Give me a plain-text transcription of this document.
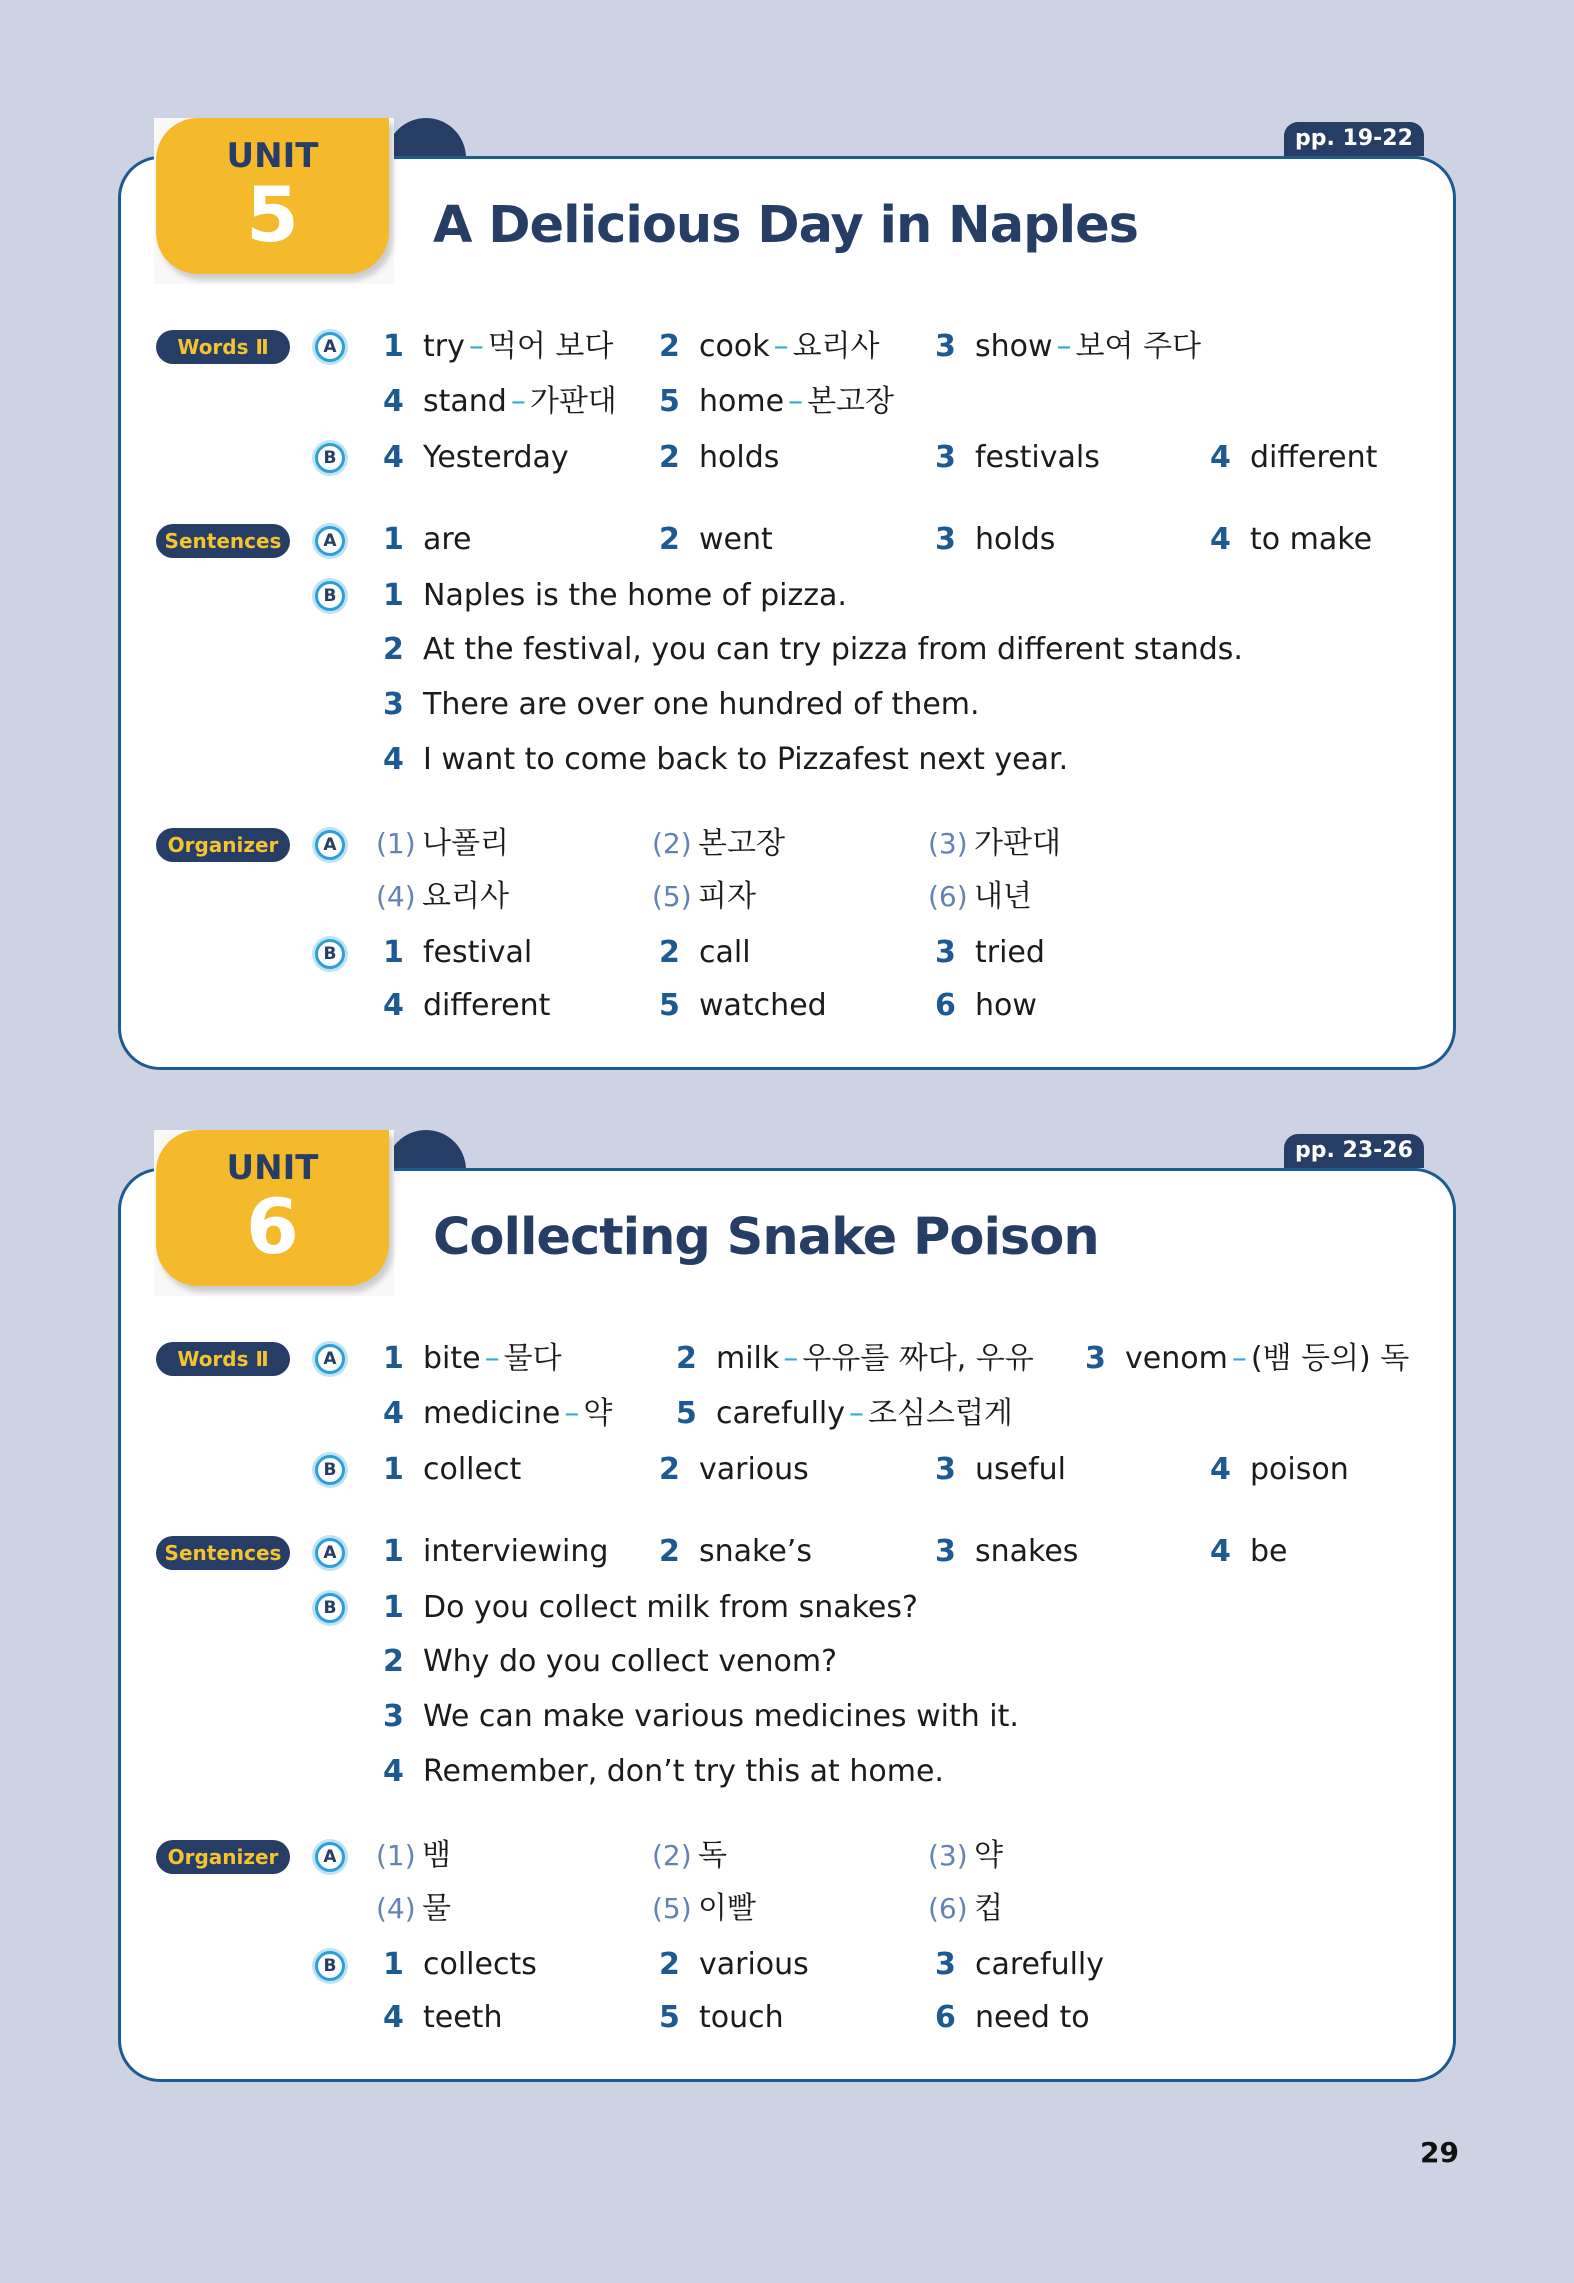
pp. 19-22
UNIT
5	A Delicious Day in Naples
Words Ⅱ	A 1 try – 먹어 보다 2 cook – 요리사 3 show – 보여 주다
4 stand – 가판대 5 home – 본고장
B 4 Yesterday	2 holds	3 festivals	4 different
Sentences	A 1 are	2 went	3 holds	4 to make
B 1 Naples is the home of pizza.
2 At the festival, you can try pizza from different stands.
3 There are over one hundred of them.
4 I want to come back to Pizzafest next year.
Organizer	A	(1) 나폴리	(2) 본고장	(3) 가판대
(4) 요리사	(5) 피자	(6) 내년
B 1 festival	2 call	3 tried
4 different	5 watched	6 how
pp. 23-26
UNIT
6	Collecting Snake Poison
Words Ⅱ	A 1 bite – 물다	2 milk – 우유를 짜다, 우유 3 venom – (뱀 등의) 독
4 medicine – 약 5 carefully – 조심스럽게
B 1 collect	2 various	3 useful	4 poison
Sentences	A 1 interviewing 2 snake’s	3 snakes	4 be
B 1 Do you collect milk from snakes?
2 Why do you collect venom?
3 We can make various medicines with it.
4 Remember, don’t try this at home.
Organizer	A	(1) 뱀	(2) 독	(3) 약
(4) 물	(5) 이빨	(6) 컵
B 1 collects	2 various	3 carefully
4 teeth	5 touch	6 need to
29
